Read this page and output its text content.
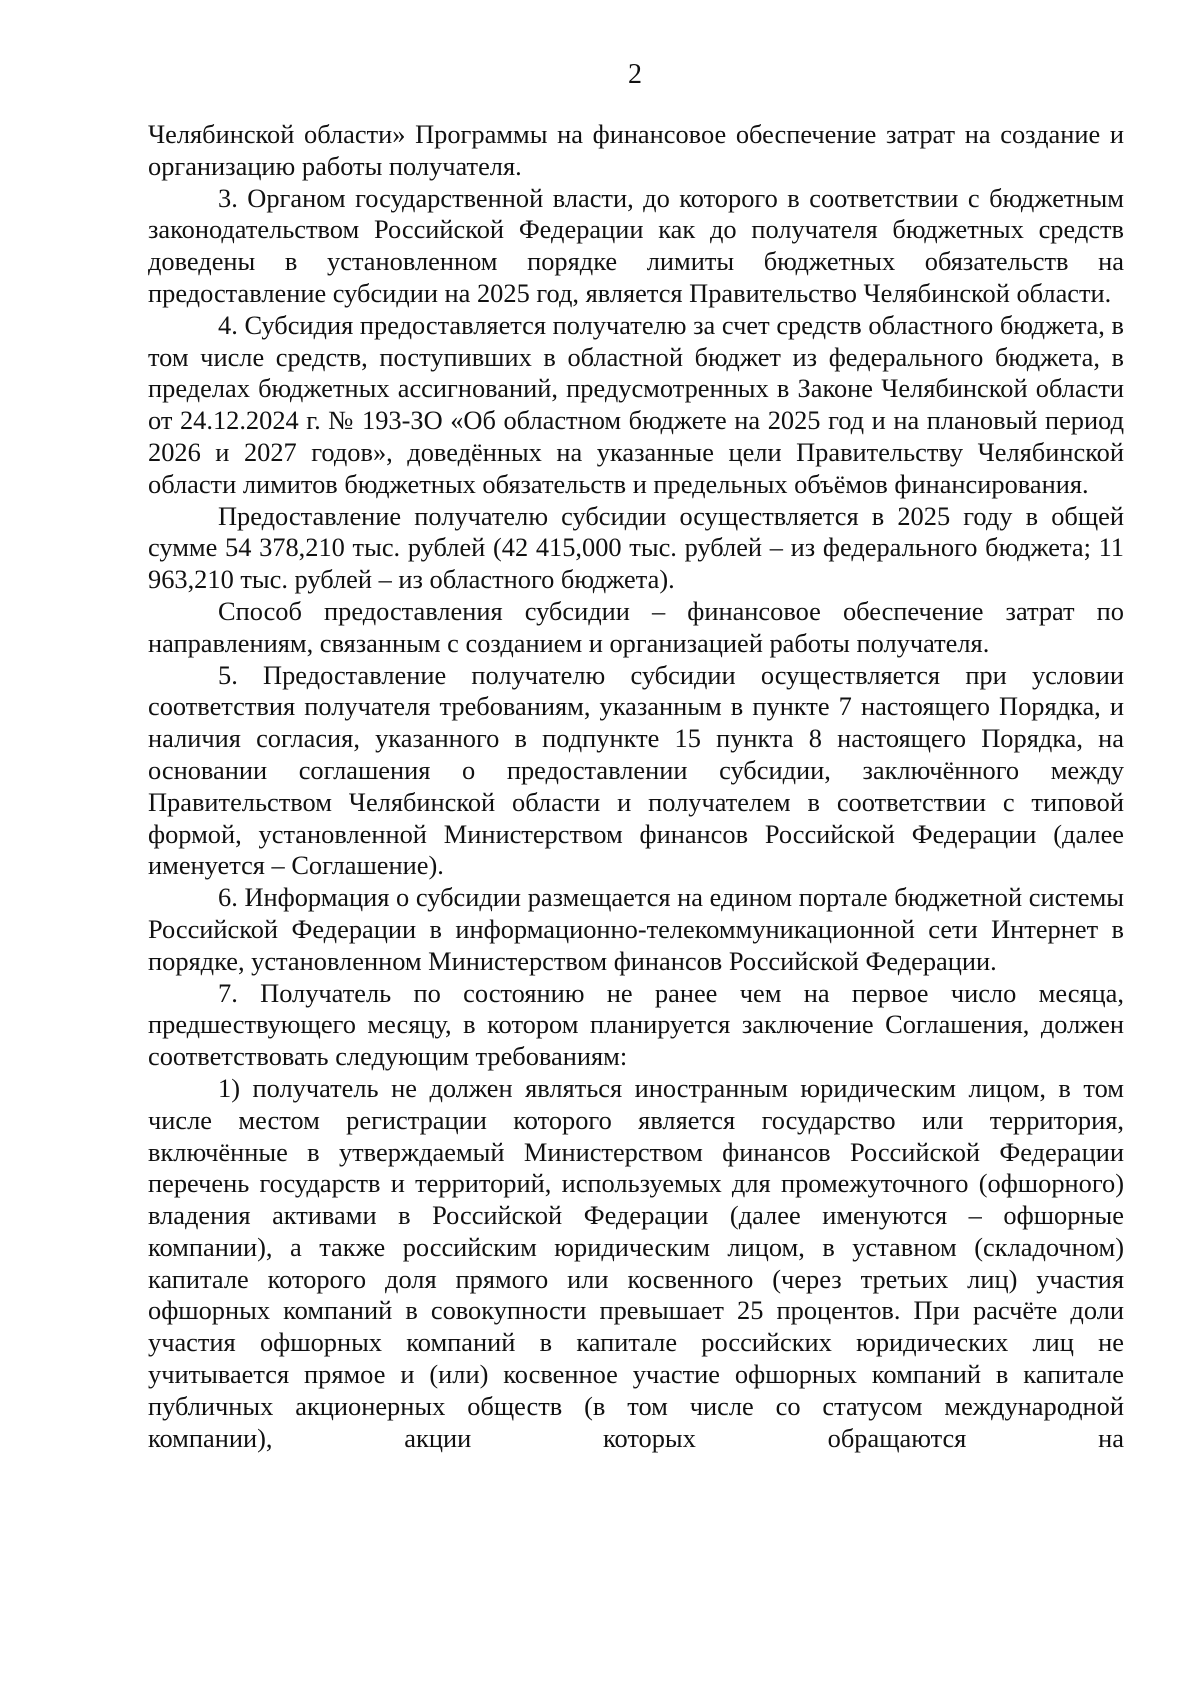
2

Челябинской области» Программы на финансовое обеспечение затрат на создание и организацию работы получателя.

3. Органом государственной власти, до которого в соответствии с бюджетным законодательством Российской Федерации как до получателя бюджетных средств доведены в установленном порядке лимиты бюджетных обязательств на предоставление субсидии на 2025 год, является Правительство Челябинской области.

4. Субсидия предоставляется получателю за счет средств областного бюджета, в том числе средств, поступивших в областной бюджет из федерального бюджета, в пределах бюджетных ассигнований, предусмотренных в Законе Челябинской области от 24.12.2024 г. № 193-ЗО «Об областном бюджете на 2025 год и на плановый период 2026 и 2027 годов», доведённых на указанные цели Правительству Челябинской области лимитов бюджетных обязательств и предельных объёмов финансирования.

Предоставление получателю субсидии осуществляется в 2025 году в общей сумме 54 378,210 тыс. рублей (42 415,000 тыс. рублей – из федерального бюджета; 11 963,210 тыс. рублей – из областного бюджета).

Способ предоставления субсидии – финансовое обеспечение затрат по направлениям, связанным с созданием и организацией работы получателя.

5. Предоставление получателю субсидии осуществляется при условии соответствия получателя требованиям, указанным в пункте 7 настоящего Порядка, и наличия согласия, указанного в подпункте 15 пункта 8 настоящего Порядка, на основании соглашения о предоставлении субсидии, заключённого между Правительством Челябинской области и получателем в соответствии с типовой формой, установленной Министерством финансов Российской Федерации (далее именуется – Соглашение).

6. Информация о субсидии размещается на едином портале бюджетной системы Российской Федерации в информационно-телекоммуникационной сети Интернет в порядке, установленном Министерством финансов Российской Федерации.

7. Получатель по состоянию не ранее чем на первое число месяца, предшествующего месяцу, в котором планируется заключение Соглашения, должен соответствовать следующим требованиям:

1) получатель не должен являться иностранным юридическим лицом, в том числе местом регистрации которого является государство или территория, включённые в утверждаемый Министерством финансов Российской Федерации перечень государств и территорий, используемых для промежуточного (офшорного) владения активами в Российской Федерации (далее именуются – офшорные компании), а также российским юридическим лицом, в уставном (складочном) капитале которого доля прямого или косвенного (через третьих лиц) участия офшорных компаний в совокупности превышает 25 процентов. При расчёте доли участия офшорных компаний в капитале российских юридических лиц не учитывается прямое и (или) косвенное участие офшорных компаний в капитале публичных акционерных обществ (в том числе со статусом международной компании), акции которых обращаются на
